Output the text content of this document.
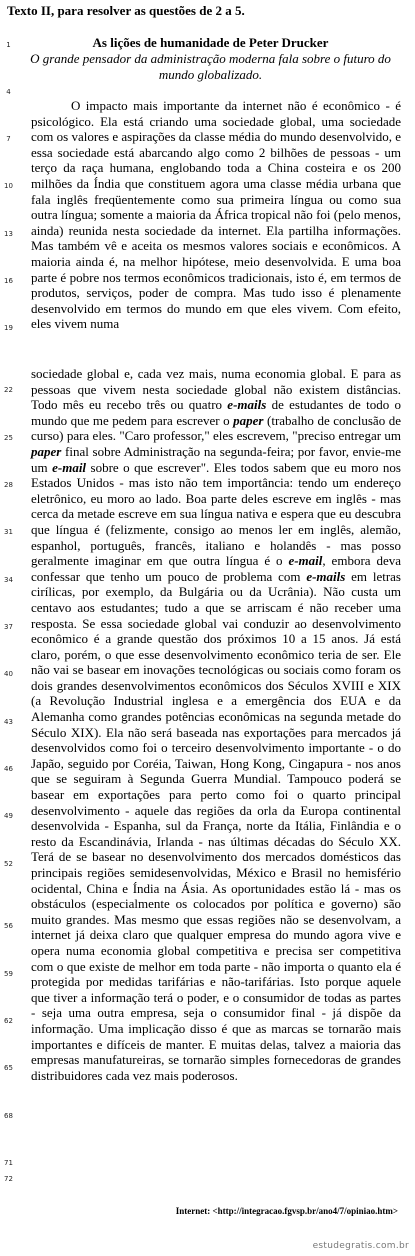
Texto II, para resolver as questões de 2 a 5.

As lições de humanidade de Peter Drucker

O grande pensador da administração moderna fala sobre o futuro do mundo globalizado.

1
4
7
10
13
16
19
22
25
28
31
34
37
40
43
46
49
52
56
59
62
65
68
71
72

O impacto mais importante da internet não é econômico - é psicológico. Ela está criando uma sociedade global, uma sociedade com os valores e aspirações da classe média do mundo desenvolvido, e essa sociedade está abarcando algo como 2 bilhões de pessoas - um terço da raça humana, englobando toda a China costeira e os 200 milhões da Índia que constituem agora uma classe média urbana que fala inglês freqüentemente como sua primeira língua ou como sua outra língua; somente a maioria da África tropical não foi (pelo menos, ainda) reunida nesta sociedade da internet. Ela partilha informações. Mas também vê e aceita os mesmos valores sociais e econômicos. A maioria ainda é, na melhor hipótese, meio desenvolvida. E uma boa parte é pobre nos termos econômicos tradicionais, isto é, em termos de produtos, serviços, poder de compra. Mas tudo isso é plenamente desenvolvido em termos do mundo em que eles vivem. Com efeito, eles vivem numa

sociedade global e, cada vez mais, numa economia global. E para as pessoas que vivem nesta sociedade global não existem distâncias. Todo mês eu recebo três ou quatro e-mails de estudantes de todo o mundo que me pedem para escrever o paper (trabalho de conclusão de curso) para eles. "Caro professor," eles escrevem, "preciso entregar um paper final sobre Administração na segunda-feira; por favor, envie-me um e-mail sobre o que escrever". Eles todos sabem que eu moro nos Estados Unidos - mas isto não tem importância: tendo um endereço eletrônico, eu moro ao lado. Boa parte deles escreve em inglês - mas cerca da metade escreve em sua língua nativa e espera que eu descubra que língua é (felizmente, consigo ao menos ler em inglês, alemão, espanhol, português, francês, italiano e holandês - mas posso geralmente imaginar em que outra língua é o e-mail, embora deva confessar que tenho um pouco de problema com e-mails em letras cirílicas, por exemplo, da Bulgária ou da Ucrânia). Não custa um centavo aos estudantes; tudo a que se arriscam é não receber uma resposta. Se essa sociedade global vai conduzir ao desenvolvimento econômico é a grande questão dos próximos 10 a 15 anos. Já está claro, porém, o que esse desenvolvimento econômico teria de ser. Ele não vai se basear em inovações tecnológicas ou sociais como foram os dois grandes desenvolvimentos econômicos dos Séculos XVIII e XIX (a Revolução Industrial inglesa e a emergência dos EUA e da Alemanha como grandes potências econômicas na segunda metade do Século XIX). Ela não será baseada nas exportações para mercados já desenvolvidos como foi o terceiro desenvolvimento importante - o do Japão, seguido por Coréia, Taiwan, Hong Kong, Cingapura - nos anos que se seguiram à Segunda Guerra Mundial. Tampouco poderá se basear em exportações para perto como foi o quarto principal desenvolvimento - aquele das regiões da orla da Europa continental desenvolvida - Espanha, sul da França, norte da Itália, Finlândia e o resto da Escandinávia, Irlanda - nas últimas décadas do Século XX. Terá de se basear no desenvolvimento dos mercados domésticos das principais regiões semidesenvolvidas, México e Brasil no hemisfério ocidental, China e Índia na Ásia. As oportunidades estão lá - mas os obstáculos (especialmente os colocados por política e governo) são muito grandes. Mas mesmo que essas regiões não se desenvolvam, a internet já deixa claro que qualquer empresa do mundo agora vive e opera numa economia global competitiva e precisa ser competitiva com o que existe de melhor em toda parte - não importa o quanto ela é protegida por medidas tarifárias e não-tarifárias. Isto porque aquele que tiver a informação terá o poder, e o consumidor de todas as partes - seja uma outra empresa, seja o consumidor final - já dispõe da informação. Uma implicação disso é que as marcas se tornarão mais importantes e difíceis de manter. E muitas delas, talvez a maioria das empresas manufatureiras, se tornarão simples fornecedoras de grandes distribuidores cada vez mais poderosos.

Internet: <http://integracao.fgvsp.br/ano4/7/opiniao.htm>
estudegratis.com.br
